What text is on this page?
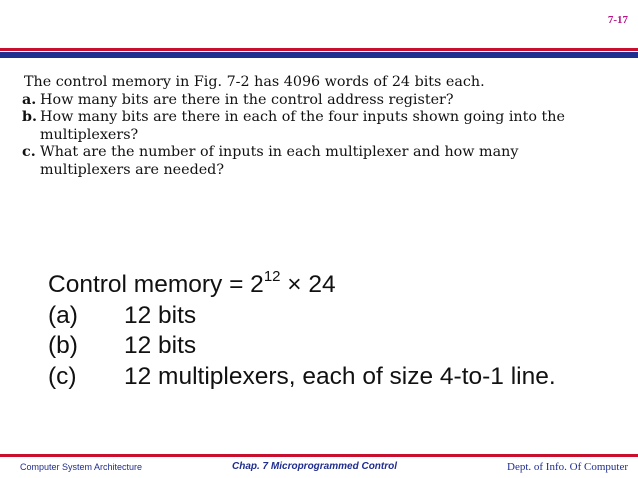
7-17
The control memory in Fig. 7-2 has 4096 words of 24 bits each.
a. How many bits are there in the control address register?
b. How many bits are there in each of the four inputs shown going into the multiplexers?
c. What are the number of inputs in each multiplexer and how many multiplexers are needed?
Control memory = $2^{12} \times 24$
(a)	12 bits
(b)	12 bits
(c)	12 multiplexers, each of size 4-to-1 line.
Computer System Architecture	Chap. 7 Microprogrammed Control	Dept. of Info. Of Computer
